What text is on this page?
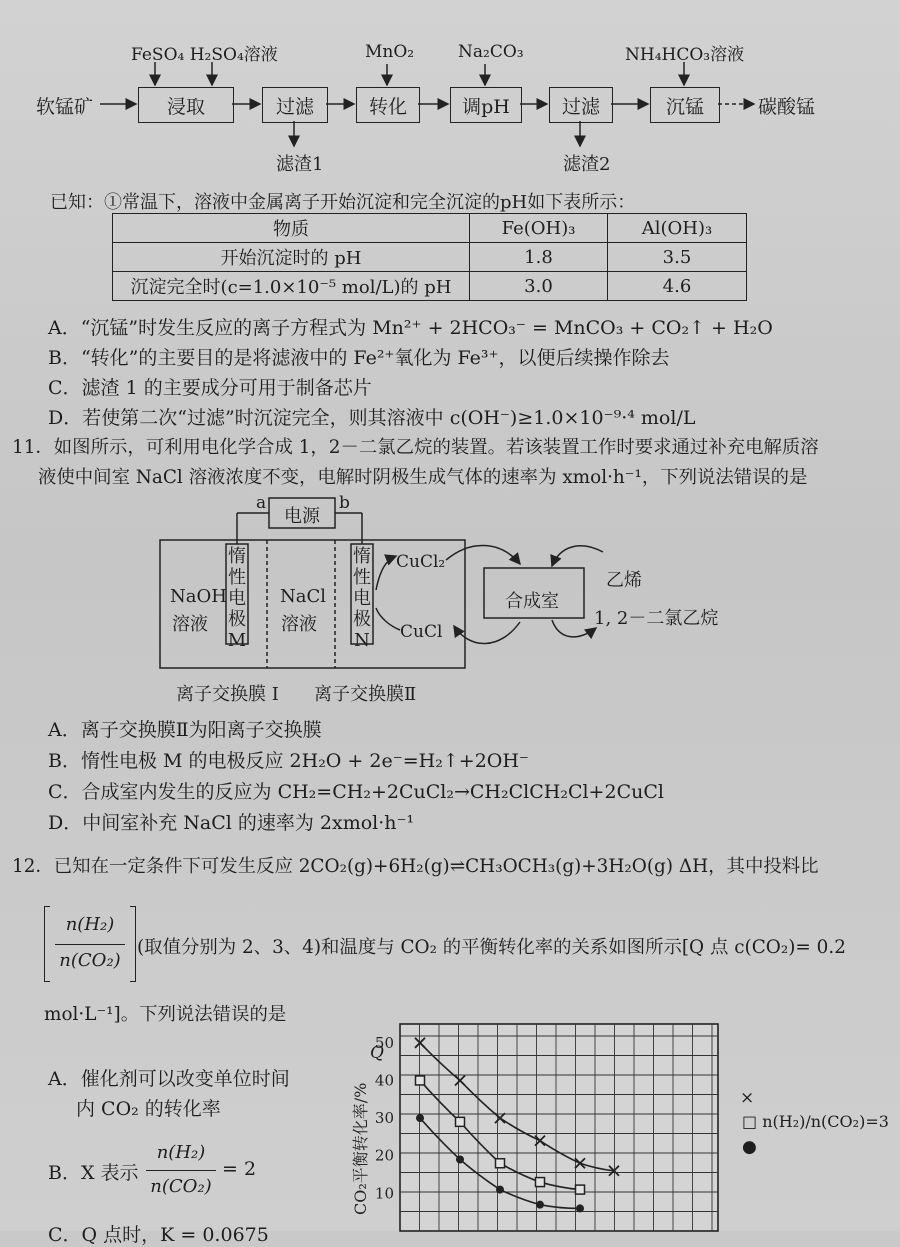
FeSO₄ H₂SO₄溶液	MnO₂	Na₂CO₃	NH₄HCO₃溶液
软锰矿	浸取	过滤	转化	调pH	过滤	沉锰	碳酸锰
滤渣1	滤渣2
已知：①常温下，溶液中金属离子开始沉淀和完全沉淀的pH如下表所示：
物质	Fe(OH)₃	Al(OH)₃
开始沉淀时的 pH	1.8	3.5
沉淀完全时(c=1.0×10⁻⁵ mol/L)的 pH	3.0	4.6
A．“沉锰”时发生反应的离子方程式为 Mn²⁺ + 2HCO₃⁻ = MnCO₃ + CO₂↑ + H₂O
B．“转化”的主要目的是将滤液中的 Fe²⁺氧化为 Fe³⁺，以便后续操作除去
C．滤渣 1 的主要成分可用于制备芯片
D．若使第二次“过滤”时沉淀完全，则其溶液中 c(OH⁻)≥1.0×10⁻⁹·⁴ mol/L
11．如图所示，可利用电化学合成 1，2－二氯乙烷的装置。若该装置工作时要求通过补充电解质溶
液使中间室 NaCl 溶液浓度不变，电解时阴极生成气体的速率为 xmol·h⁻¹，下列说法错误的是
a	b
电源
NaOH
溶液
惰
性
电
极
M
NaCl
溶液
惰
性
电
极
N
CuCl₂
CuCl
合成室
乙烯
1, 2－二氯乙烷
离子交换膜 Ⅰ 离子交换膜Ⅱ
A．离子交换膜Ⅱ为阳离子交换膜
B．惰性电极 M 的电极反应 2H₂O + 2e⁻=H₂↑+2OH⁻
C．合成室内发生的反应为 CH₂=CH₂+2CuCl₂→CH₂ClCH₂Cl+2CuCl
D．中间室补充 NaCl 的速率为 2xmol·h⁻¹
12．已知在一定条件下可发生反应 2CO₂(g)+6H₂(g)⇌CH₃OCH₃(g)+3H₂O(g) ΔH，其中投料比
n(H₂)
n(CO₂)
(取值分别为 2、3、4)和温度与 CO₂ 的平衡转化率的关系如图所示[Q 点 c(CO₂)= 0.2
mol·L⁻¹]。下列说法错误的是
A．催化剂可以改变单位时间
内 CO₂ 的转化率
B．X 表示
n(H₂)
n(CO₂)
= 2
C．Q 点时，K = 0.0675
10
20
30
40
50
CO₂平衡转化率/%
Q
×
□ n(H₂)/n(CO₂)=3
●
